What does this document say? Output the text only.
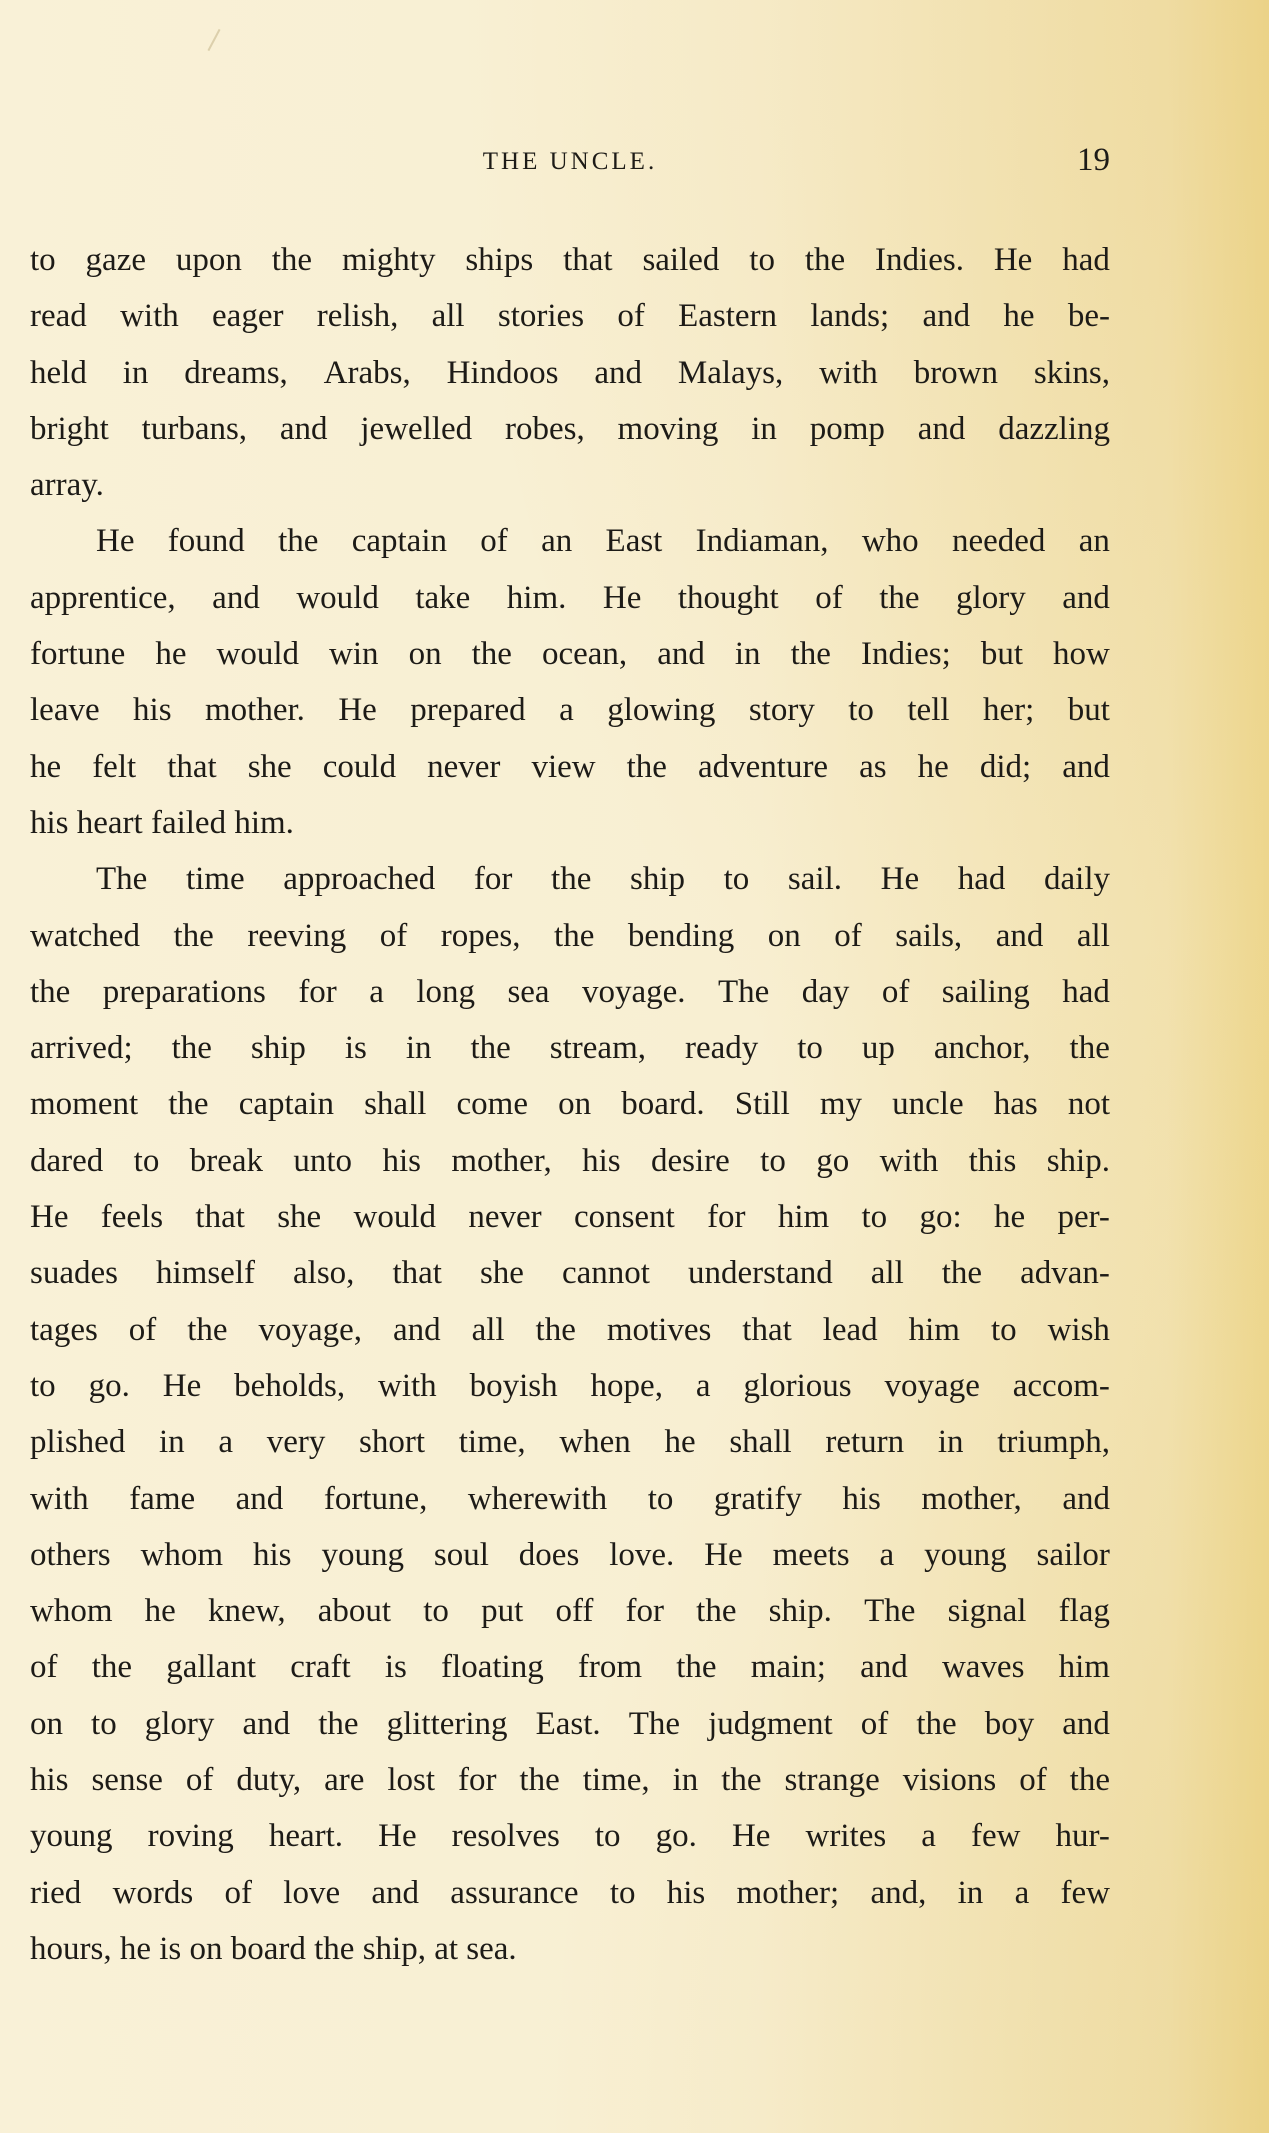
THE UNCLE.	19
to gaze upon the mighty ships that sailed to the Indies. He had
read with eager relish, all stories of Eastern lands; and he be-
held in dreams, Arabs, Hindoos and Malays, with brown skins,
bright turbans, and jewelled robes, moving in pomp and dazzling
array.
He found the captain of an East Indiaman, who needed an
apprentice, and would take him. He thought of the glory and
fortune he would win on the ocean, and in the Indies; but how
leave his mother. He prepared a glowing story to tell her; but
he felt that she could never view the adventure as he did; and
his heart failed him.
The time approached for the ship to sail. He had daily
watched the reeving of ropes, the bending on of sails, and all
the preparations for a long sea voyage. The day of sailing had
arrived; the ship is in the stream, ready to up anchor, the
moment the captain shall come on board. Still my uncle has not
dared to break unto his mother, his desire to go with this ship.
He feels that she would never consent for him to go: he per-
suades himself also, that she cannot understand all the advan-
tages of the voyage, and all the motives that lead him to wish
to go. He beholds, with boyish hope, a glorious voyage accom-
plished in a very short time, when he shall return in triumph,
with fame and fortune, wherewith to gratify his mother, and
others whom his young soul does love. He meets a young sailor
whom he knew, about to put off for the ship. The signal flag
of the gallant craft is floating from the main; and waves him
on to glory and the glittering East. The judgment of the boy and
his sense of duty, are lost for the time, in the strange visions of the
young roving heart. He resolves to go. He writes a few hur-
ried words of love and assurance to his mother; and, in a few
hours, he is on board the ship, at sea.
